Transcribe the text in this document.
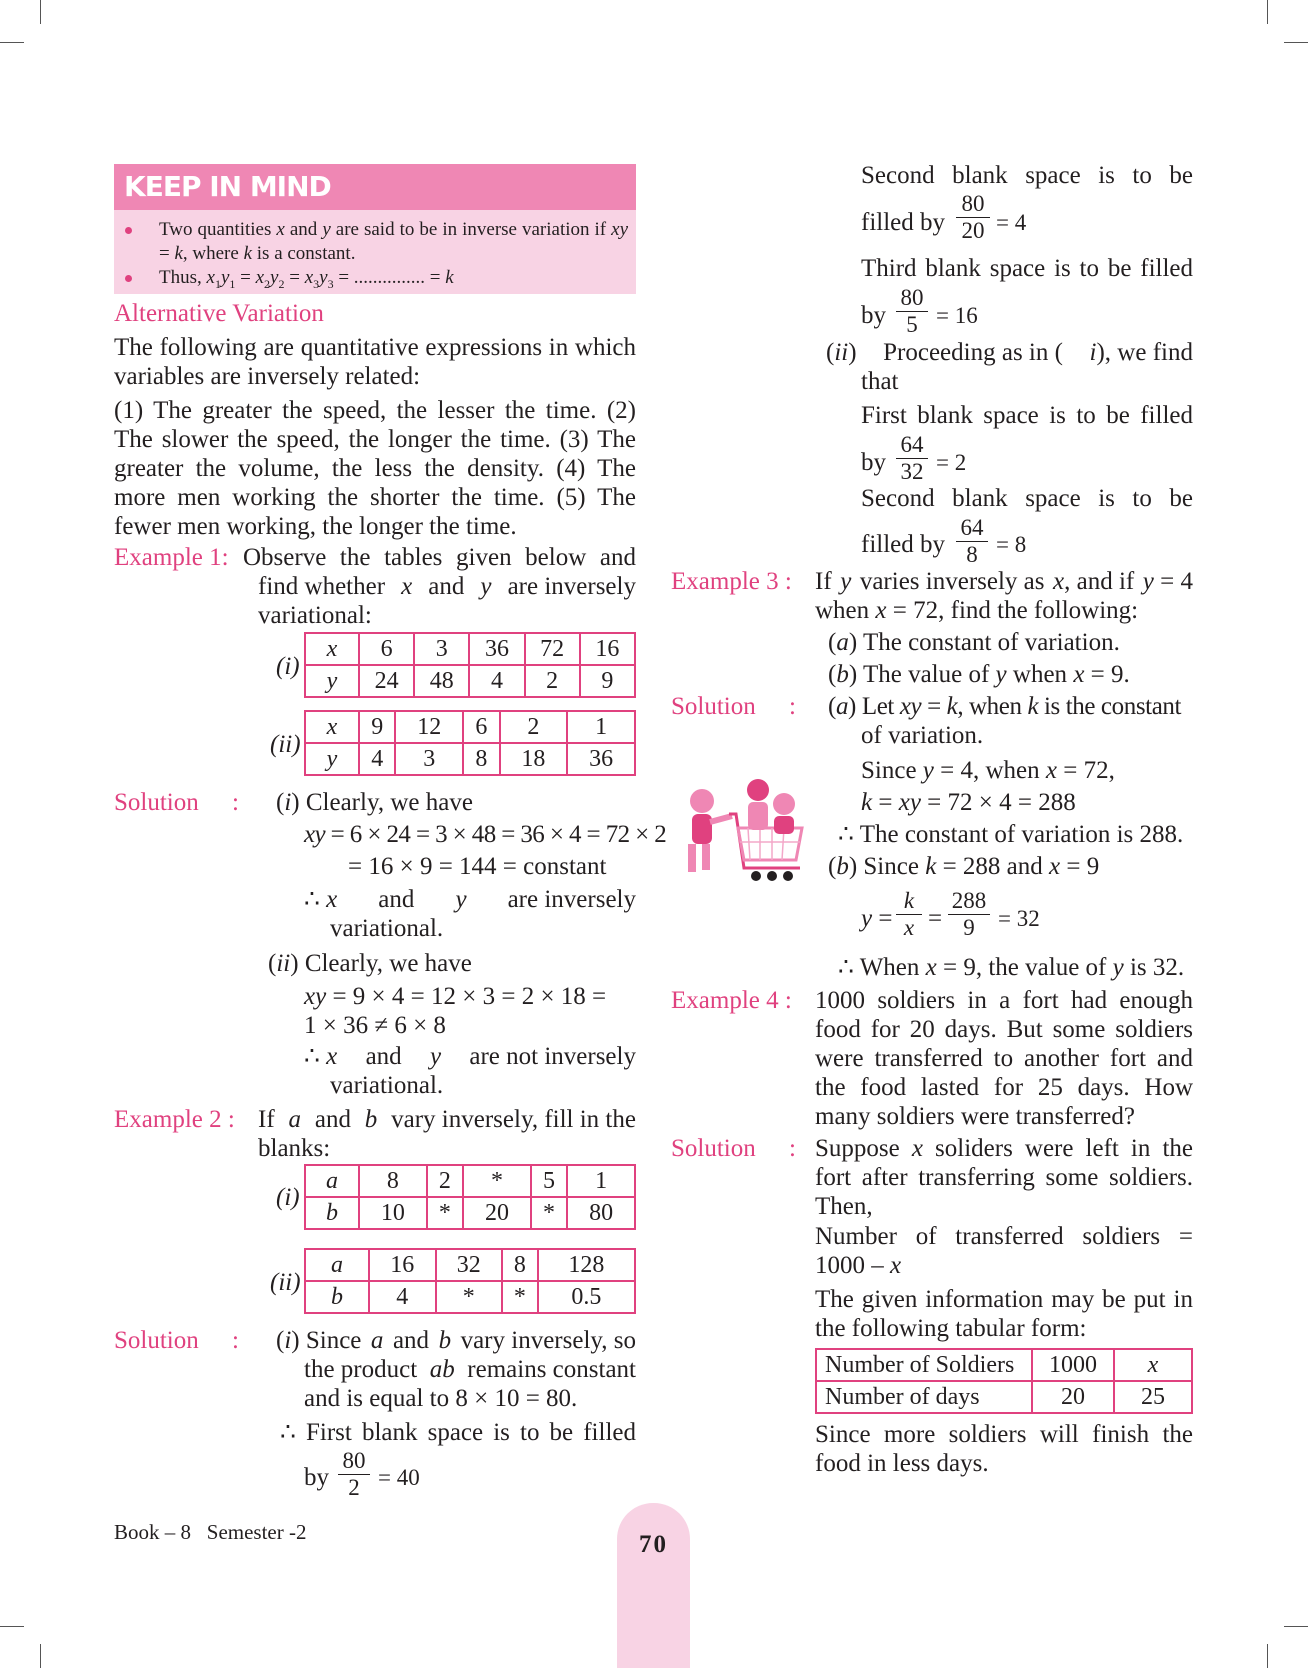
KEEP IN MIND
Two quantities x and y are said to be in inverse variation if xy = k, where k is a constant.
Thus, $x_1y_1 = x_2y_2 = x_3y_3$ = ............... = k
Alternative Variation
The following are quantitative expressions in which variables are inversely related:
(1) The greater the speed, the lesser the time. (2) The slower the speed, the longer the time. (3) The greater the volume, the less the density. (4) The more men working the shorter the time. (5) The fewer men working, the longer the time.
Example 1: Observe the tables given below and
find whether x and y are inversely
variational:
(i)
x	6	3	36	72	16
y	24	48	4	2	9
(ii)
x	9	12	6	2	1
y	4	3	8	18	36
Solution : (i) Clearly, we have
xy = 6 × 24 = 3 × 48 = 36 × 4 = 72 × 2
= 16 × 9 = 144 = constant
∴ x and y are inversely
variational.
(ii) Clearly, we have
xy = 9 × 4 = 12 × 3 = 2 × 18 =
1 × 36 ≠ 6 × 8
∴ x and y are not inversely
variational.
Example 2 : If a and b vary inversely, fill in the
blanks:
(i)
a	8	2	*	5	1
b	10	*	20	*	80
(ii)
a	16	32	8	128
b	4	*	*	0.5
Solution : (i) Since a and b vary inversely, so
the product ab remains constant
and is equal to 8 × 10 = 80.
∴ First blank space is to be filled
by $\frac{80}{2} = 40$
Second blank space is to be
filled by $\frac{80}{20} = 4$
Third blank space is to be filled
by $\frac{80}{5} = 16$
(ii) Proceeding as in ( i), we find
that
First blank space is to be filled
by $\frac{64}{32} = 2$
Second blank space is to be
filled by $\frac{64}{8} = 8$
Example 3 : If y varies inversely as x, and if y = 4
when x = 72, find the following:
(a) The constant of variation.
(b) The value of y when x = 9.
Solution : (a) Let xy = k, when k is the constant
of variation.
Since y = 4, when x = 72,
k = xy = 72 × 4 = 288
∴ The constant of variation is 288.
(b) Since k = 288 and x = 9
$y = \frac{k}{x} = \frac{288}{9} = 32$
∴ When x = 9, the value of y is 32.
Example 4 : 1000 soldiers in a fort had enough food for 20 days. But some soldiers were transferred to another fort and the food lasted for 25 days. How many soldiers were transferred?
Solution : Suppose x soliders were left in the fort after transferring some soldiers. Then,
Number of transferred soldiers = 1000 – x
The given information may be put in the following tabular form:
Number of Soldiers	1000	x
Number of days	20	25
Since more soldiers will finish the food in less days.
Book – 8 Semester -2	70
